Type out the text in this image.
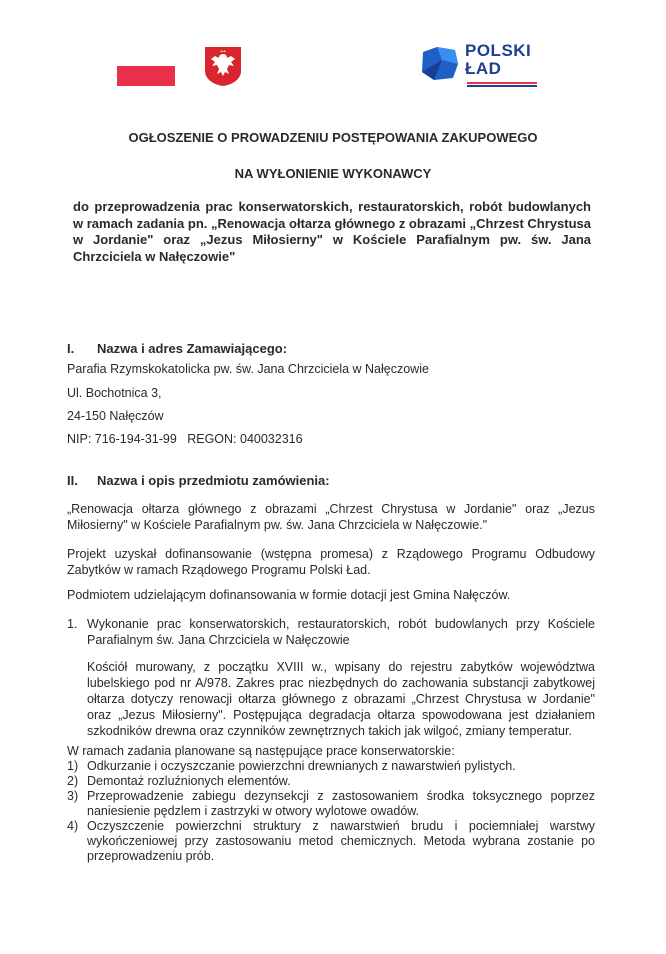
POLSKI
ŁAD
OGŁOSZENIE O PROWADZENIU POSTĘPOWANIA ZAKUPOWEGO
NA WYŁONIENIE WYKONAWCY
do przeprowadzenia prac konserwatorskich, restauratorskich, robót budowlanych w ramach zadania pn. „Renowacja ołtarza głównego z obrazami „Chrzest Chrystusa w Jordanie" oraz „Jezus Miłosierny" w Kościele Parafialnym pw. św. Jana Chrzciciela w Nałęczowie"
I. Nazwa i adres Zamawiającego:
Parafia Rzymskokatolicka pw. św. Jana Chrzciciela w Nałęczowie
Ul. Bochotnica 3,
24-150 Nałęczów
NIP: 716-194-31-99   REGON: 040032316
II. Nazwa i opis przedmiotu zamówienia:
„Renowacja ołtarza głównego z obrazami „Chrzest Chrystusa w Jordanie" oraz „Jezus Miłosierny" w Kościele Parafialnym pw. św. Jana Chrzciciela w Nałęczowie."
Projekt uzyskał dofinansowanie (wstępna promesa) z Rządowego Programu Odbudowy Zabytków w ramach Rządowego Programu Polski Ład.
Podmiotem udzielającym dofinansowania w formie dotacji jest Gmina Nałęczów.
1. Wykonanie prac konserwatorskich, restauratorskich, robót budowlanych przy Kościele Parafialnym św. Jana Chrzciciela w Nałęczowie
Kościół murowany, z początku XVIII w., wpisany do rejestru zabytków województwa lubelskiego pod nr A/978. Zakres prac niezbędnych do zachowania substancji zabytkowej ołtarza dotyczy renowacji ołtarza głównego z obrazami „Chrzest Chrystusa w Jordanie" oraz „Jezus Miłosierny". Postępująca degradacja ołtarza spowodowana jest działaniem szkodników drewna oraz czynników zewnętrznych takich jak wilgoć, zmiany temperatur.
W ramach zadania planowane są następujące prace konserwatorskie:
1) Odkurzanie i oczyszczanie powierzchni drewnianych z nawarstwień pylistych.
2) Demontaż rozluźnionych elementów.
3) Przeprowadzenie zabiegu dezynsekcji z zastosowaniem środka toksycznego poprzez naniesienie pędzlem i zastrzyki w otwory wylotowe owadów.
4) Oczyszczenie powierzchni struktury z nawarstwień brudu i pociemniałej warstwy wykończeniowej przy zastosowaniu metod chemicznych. Metoda wybrana zostanie po przeprowadzeniu prób.
